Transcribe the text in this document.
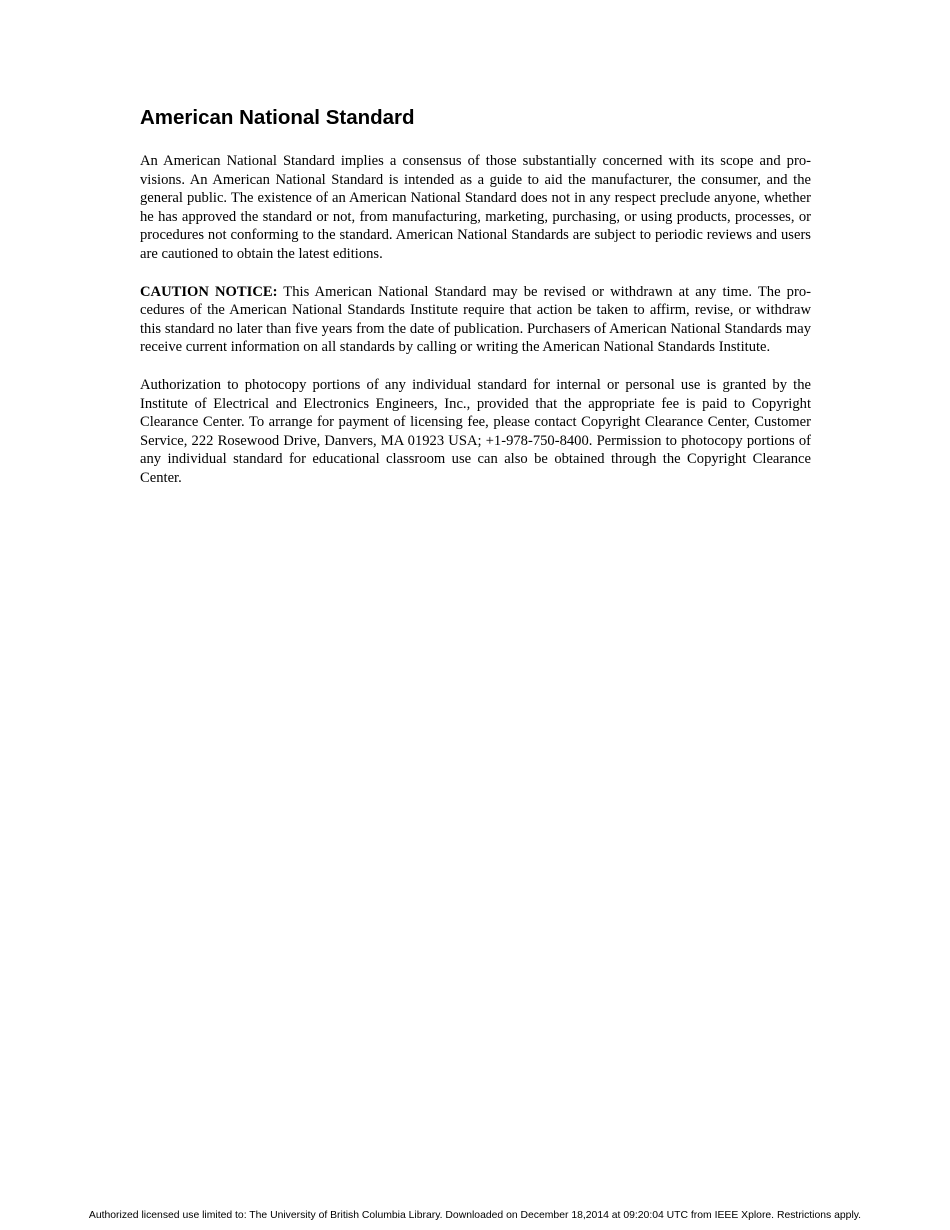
American National Standard

An American National Standard implies a consensus of those substantially concerned with its scope and provisions. An American National Standard is intended as a guide to aid the manufacturer, the consumer, and the general public. The existence of an American National Standard does not in any respect preclude anyone, whether he has approved the standard or not, from manufacturing, marketing, purchasing, or using products, processes, or procedures not conforming to the standard. American National Standards are subject to periodic reviews and users are cautioned to obtain the latest editions.

CAUTION NOTICE: This American National Standard may be revised or withdrawn at any time. The procedures of the American National Standards Institute require that action be taken to affirm, revise, or withdraw this standard no later than five years from the date of publication. Purchasers of American National Standards may receive current information on all standards by calling or writing the American National Standards Institute.

Authorization to photocopy portions of any individual standard for internal or personal use is granted by the Institute of Electrical and Electronics Engineers, Inc., provided that the appropriate fee is paid to Copyright Clearance Center. To arrange for payment of licensing fee, please contact Copyright Clearance Center, Customer Service, 222 Rosewood Drive, Danvers, MA 01923 USA; +1-978-750-8400. Permission to photocopy portions of any individual standard for educational classroom use can also be obtained through the Copyright Clearance Center.

Authorized licensed use limited to: The University of British Columbia Library. Downloaded on December 18,2014 at 09:20:04 UTC from IEEE Xplore. Restrictions apply.
